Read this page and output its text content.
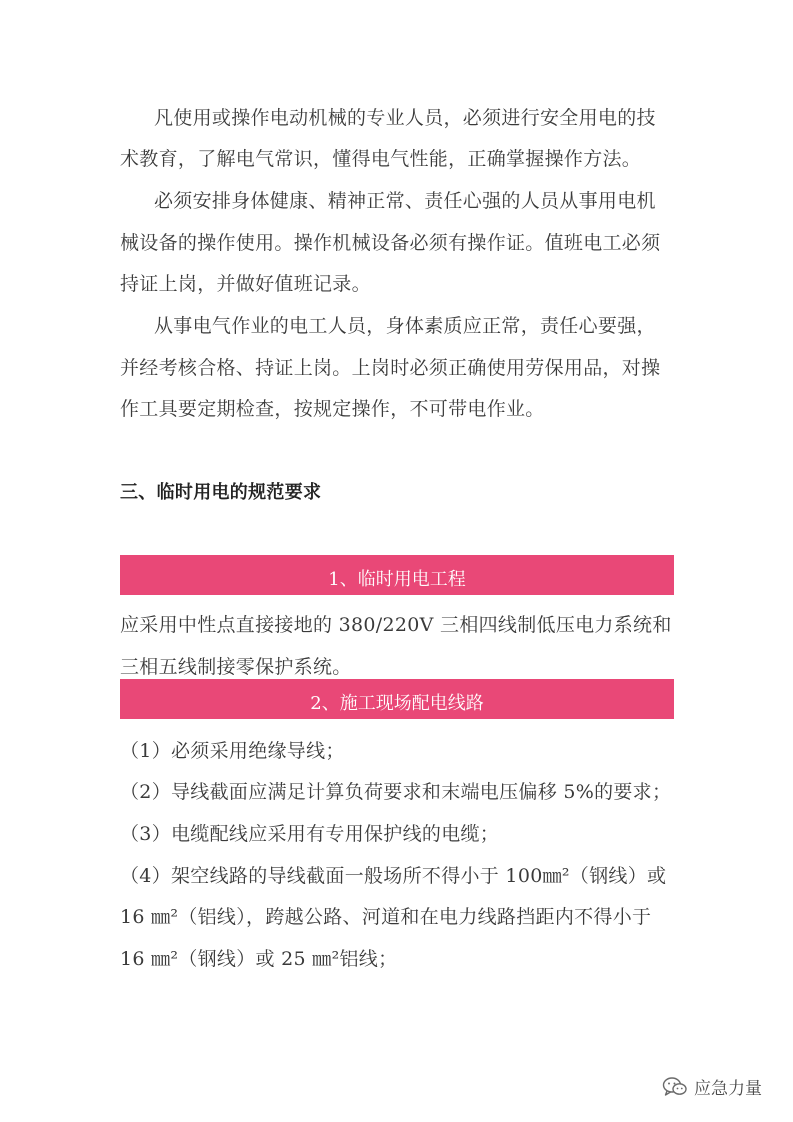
凡使用或操作电动机械的专业人员，必须进行安全用电的技
术教育，了解电气常识，懂得电气性能，正确掌握操作方法。
必须安排身体健康、精神正常、责任心强的人员从事用电机
械设备的操作使用。操作机械设备必须有操作证。值班电工必须
持证上岗，并做好值班记录。
从事电气作业的电工人员，身体素质应正常，责任心要强，
并经考核合格、持证上岗。上岗时必须正确使用劳保用品，对操
作工具要定期检查，按规定操作，不可带电作业。
三、临时用电的规范要求
1、临时用电工程
应采用中性点直接接地的 380/220V 三相四线制低压电力系统和
三相五线制接零保护系统。
2、施工现场配电线路
（1）必须采用绝缘导线；
（2）导线截面应满足计算负荷要求和末端电压偏移 5%的要求；
（3）电缆配线应采用有专用保护线的电缆；
（4）架空线路的导线截面一般场所不得小于 100㎜²（钢线）或
16 ㎜²（铝线），跨越公路、河道和在电力线路挡距内不得小于
16 ㎜²（钢线）或 25 ㎜²铝线；
应急力量
